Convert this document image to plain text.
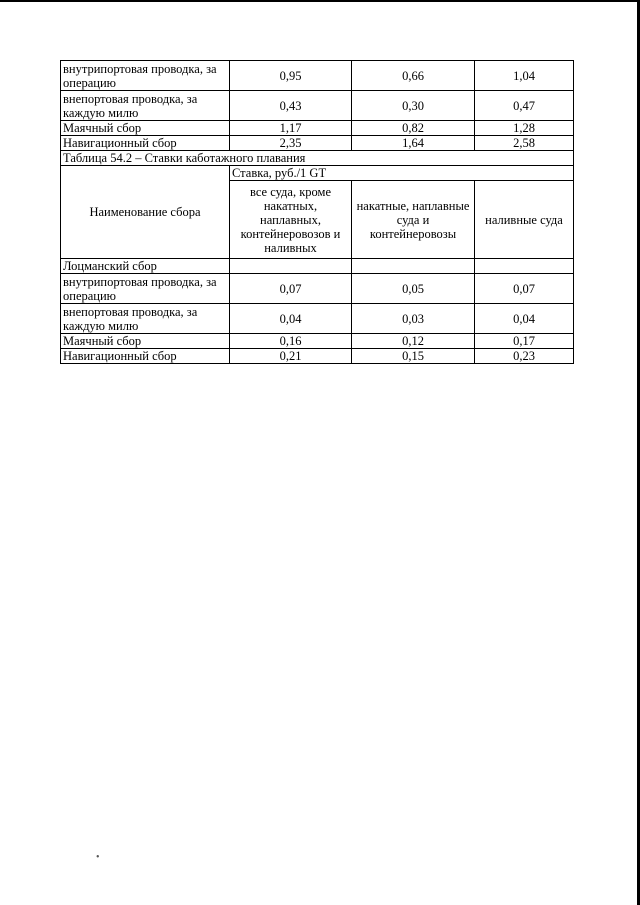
внутрипортовая проводка, за операцию	0,95	0,66	1,04
внепортовая проводка, за каждую милю	0,43	0,30	0,47
Маячный сбор	1,17	0,82	1,28
Навигационный сбор	2,35	1,64	2,58
Таблица 54.2 – Ставки каботажного плавания			
Наименование сбора	Ставка, руб./1 GT		
	все суда, кроме накатных, наплавных, контейнеровозов и наливных	накатные, наплавные суда и контейнеровозы	наливные суда
Лоцманский сбор			
внутрипортовая проводка, за операцию	0,07	0,05	0,07
внепортовая проводка, за каждую милю	0,04	0,03	0,04
Маячный сбор	0,16	0,12	0,17
Навигационный сбор	0,21	0,15	0,23
•
